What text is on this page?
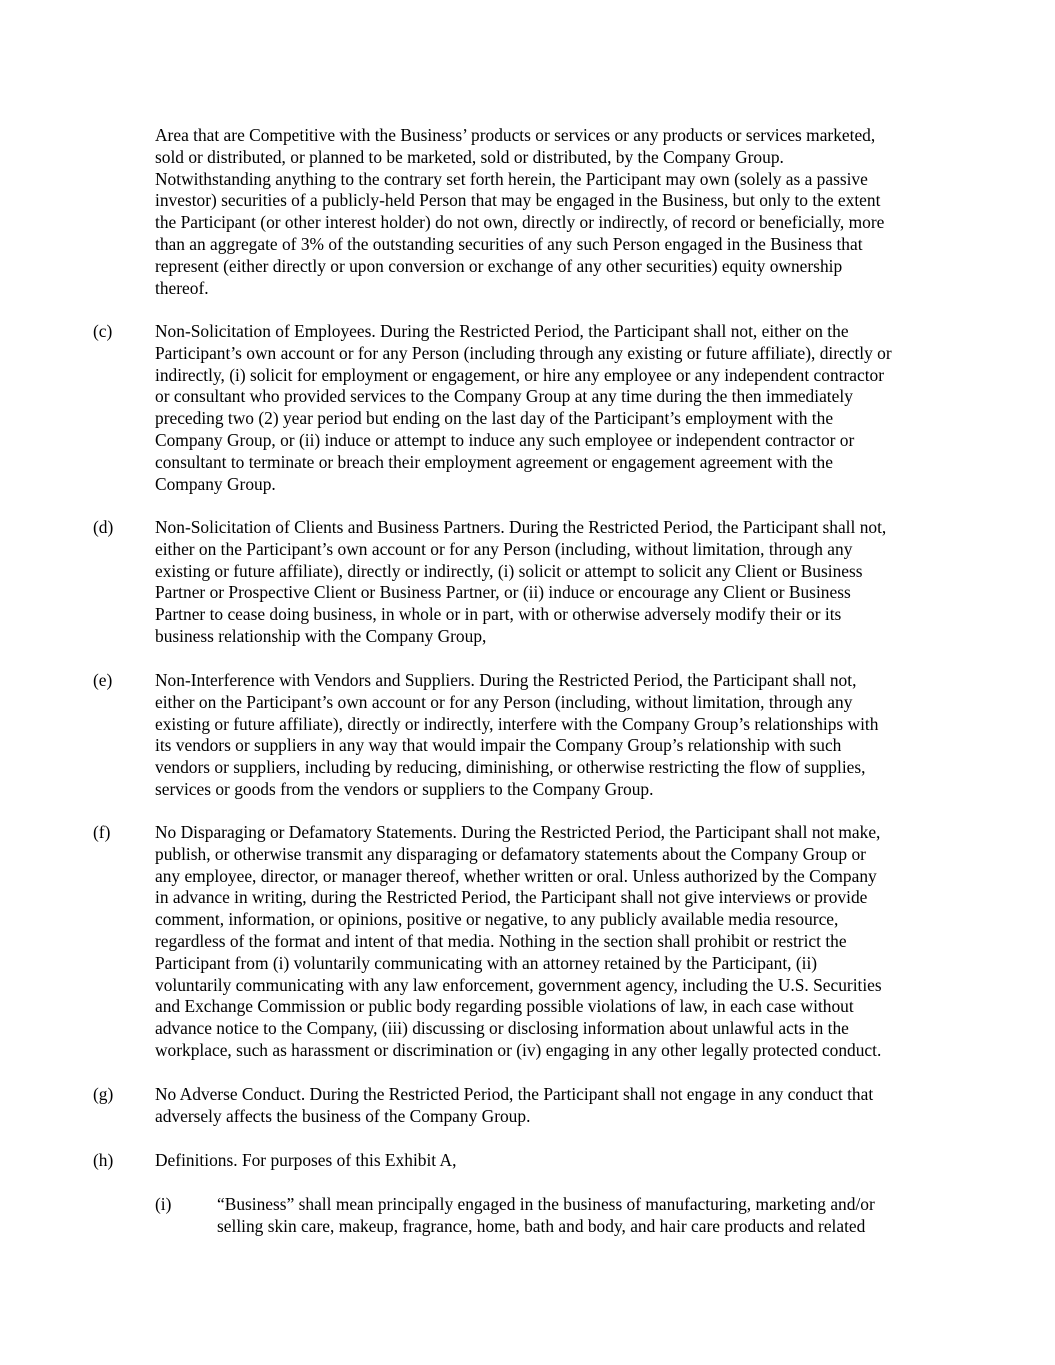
Area that are Competitive with the Business’ products or services or any products or services marketed,
sold or distributed, or planned to be marketed, sold or distributed, by the Company Group.
Notwithstanding anything to the contrary set forth herein, the Participant may own (solely as a passive
investor) securities of a publicly-held Person that may be engaged in the Business, but only to the extent
the Participant (or other interest holder) do not own, directly or indirectly, of record or beneficially, more
than an aggregate of 3% of the outstanding securities of any such Person engaged in the Business that
represent (either directly or upon conversion or exchange of any other securities) equity ownership
thereof.
(c) Non-Solicitation of Employees. During the Restricted Period, the Participant shall not, either on the
Participant’s own account or for any Person (including through any existing or future affiliate), directly or
indirectly, (i) solicit for employment or engagement, or hire any employee or any independent contractor
or consultant who provided services to the Company Group at any time during the then immediately
preceding two (2) year period but ending on the last day of the Participant’s employment with the
Company Group, or (ii) induce or attempt to induce any such employee or independent contractor or
consultant to terminate or breach their employment agreement or engagement agreement with the
Company Group.
(d) Non-Solicitation of Clients and Business Partners. During the Restricted Period, the Participant shall not,
either on the Participant’s own account or for any Person (including, without limitation, through any
existing or future affiliate), directly or indirectly, (i) solicit or attempt to solicit any Client or Business
Partner or Prospective Client or Business Partner, or (ii) induce or encourage any Client or Business
Partner to cease doing business, in whole or in part, with or otherwise adversely modify their or its
business relationship with the Company Group,
(e) Non-Interference with Vendors and Suppliers. During the Restricted Period, the Participant shall not,
either on the Participant’s own account or for any Person (including, without limitation, through any
existing or future affiliate), directly or indirectly, interfere with the Company Group’s relationships with
its vendors or suppliers in any way that would impair the Company Group’s relationship with such
vendors or suppliers, including by reducing, diminishing, or otherwise restricting the flow of supplies,
services or goods from the vendors or suppliers to the Company Group.
(f)	No Disparaging or Defamatory Statements. During the Restricted Period, the Participant shall not make,
publish, or otherwise transmit any disparaging or defamatory statements about the Company Group or
any employee, director, or manager thereof, whether written or oral. Unless authorized by the Company
in advance in writing, during the Restricted Period, the Participant shall not give interviews or provide
comment, information, or opinions, positive or negative, to any publicly available media resource,
regardless of the format and intent of that media. Nothing in the section shall prohibit or restrict the
Participant from (i) voluntarily communicating with an attorney retained by the Participant, (ii)
voluntarily communicating with any law enforcement, government agency, including the U.S. Securities
and Exchange Commission or public body regarding possible violations of law, in each case without
advance notice to the Company, (iii) discussing or disclosing information about unlawful acts in the
workplace, such as harassment or discrimination or (iv) engaging in any other legally protected conduct.
(g) No Adverse Conduct. During the Restricted Period, the Participant shall not engage in any conduct that
adversely affects the business of the Company Group.
(h) Definitions. For purposes of this Exhibit A,
(i)	“Business” shall mean principally engaged in the business of manufacturing, marketing and/or
selling skin care, makeup, fragrance, home, bath and body, and hair care products and related
